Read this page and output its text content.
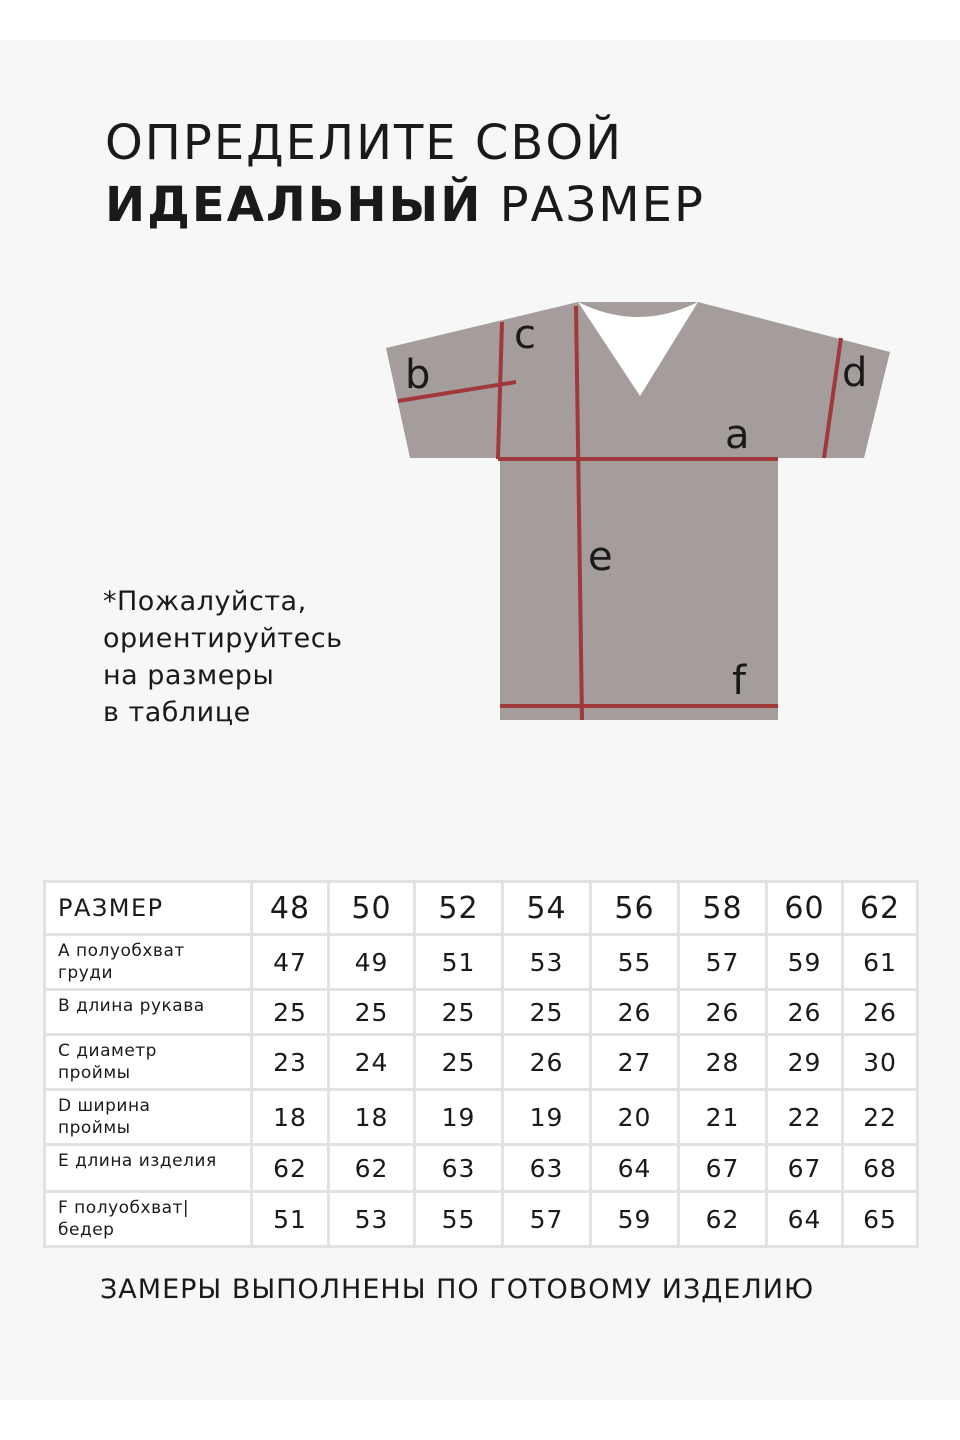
ОПРЕДЕЛИТЕ СВОЙ
ИДЕАЛЬНЫЙ РАЗМЕР
a
b
c
d
e
f
*Пожалуйста,
ориентируйтесь
на размеры
в таблице
РАЗМЕР	48	50	52	54	56	58	60	62
А полуобхват груди	47	49	51	53	55	57	59	61
В длина рукава	25	25	25	25	26	26	26	26
С диаметр
проймы	23	24	25	26	27	28	29	30
D ширина
проймы	18	18	19	19	20	21	22	22
Е длина изделия	62	62	63	63	64	67	67	68
F полуобхват|
бедер	51	53	55	57	59	62	64	65
ЗАМЕРЫ ВЫПОЛНЕНЫ ПО ГОТОВОМУ ИЗДЕЛИЮ
